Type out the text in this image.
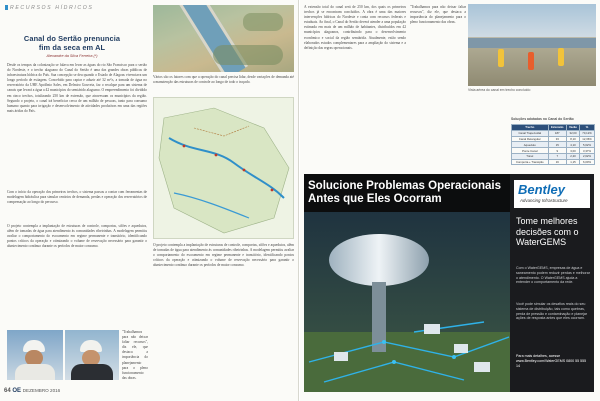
RECURSOS HÍDRICOS
Canal do Sertão prenuncia
fim da seca em AL
Alexandre da Silva Ferreira (*)
Desde os tempos da colonização se falava em levar as águas do rio São Francisco para o sertão do Nordeste, e o trecho alagoano do Canal do Sertão é uma das grandes obras públicas de infraestrutura hídrica do País. Sua concepção se deu quando o Estado de Alagoas vivenciava um longo período de estiagem. Concebido para captar e aduzir até 32 m³/s, a tomada de água no reservatório da UHE Apolônio Sales, em Delmiro Gouveia, faz o recalque para um sistema de canais que levará a água a 42 municípios do semiárido alagoano. O empreendimento foi dividido em cinco trechos, totalizando 250 km de extensão, que atravessam os municípios da região. Segundo o projeto, o canal irá beneficiar cerca de um milhão de pessoas, tanto para consumo humano quanto para irrigação e desenvolvimento de atividades produtivas em uma das regiões mais áridas do País.
Com o início da operação dos primeiros trechos, o sistema passou a contar com ferramentas de modelagem hidráulica para simular cenários de demanda, perdas e operação dos reservatórios de compensação ao longo do percurso.
O projeto contempla a implantação de estruturas de controle, comportas, sifões e aquedutos, além de tomadas de água para atendimento às comunidades ribeirinhas. A modelagem permitiu avaliar o comportamento do escoamento em regime permanente e transitório, identificando pontos críticos da operação e otimizando o volume de reservação necessário para garantir o abastecimento contínuo durante os períodos de maior consumo.
"Trabalhamos para não deixar faltar recursos", diz ele, que destaca a importância do planejamento para o pleno funcionamento das obras.
Vários são os fatores com que a operação do canal precisa lidar, desde variações de demanda até a manutenção das estruturas de controle ao longo de todo o traçado.
O projeto contempla a implantação de estruturas de controle, comportas, sifões e aquedutos, além de tomadas de água para atendimento às comunidades ribeirinhas. A modelagem permitiu avaliar o comportamento do escoamento em regime permanente e transitório, identificando pontos críticos da operação e otimizando o volume de reservação necessário para garantir o abastecimento contínuo durante os períodos de maior consumo.
64 OE DEZEMBRO 2016
A extensão total do canal será de 250 km, dos quais os primeiros trechos já se encontram concluídos. A obra é uma das maiores intervenções hídricas do Nordeste e conta com recursos federais e estaduais. Ao final, o Canal do Sertão deverá atender a uma população estimada em mais de um milhão de habitantes, distribuídos em 42 municípios alagoanos, contribuindo para o desenvolvimento econômico e social da região semiárida. Atualmente, estão sendo elaborados estudos complementares para a ampliação do sistema e a definição das regras operacionais.
"Trabalhamos para não deixar faltar recursos", diz ele, que destaca a importância do planejamento para o pleno funcionamento das obras.
Vista aérea do canal em trecho concluído
Soluções adotadas no Canal do Sertão
Trecho	Extensão	Vazão	%
Canal Trapezoidal	187	32,00	70,12%
Canal Retangular	33	8,10	12,36%
Aqueduto	15	4,10	5,62%
Ponte Canal	9	3,00	3,37%
Túnel	7	2,20	2,62%
Comporta + Transição	16	1,15	6,00%
Solucione Problemas Operacionais Antes que Eles Ocorram
Bentley
Advancing Infrastructure
Tome melhores decisões com o WaterGEMS
Com o WaterGEMS, empresas de água e saneamento podem reduzir perdas e melhorar o atendimento. O WaterGEMS ajuda a entender o comportamento da rede.
Você pode simular os desafios reais do seu sistema de distribuição, tais como quebras, perda de pressão e contaminação e planejar ações de resposta antes que eles ocorram.
Para mais detalhes, acesse www.Bentley.com/WaterGEMS 0800 55 555 14
